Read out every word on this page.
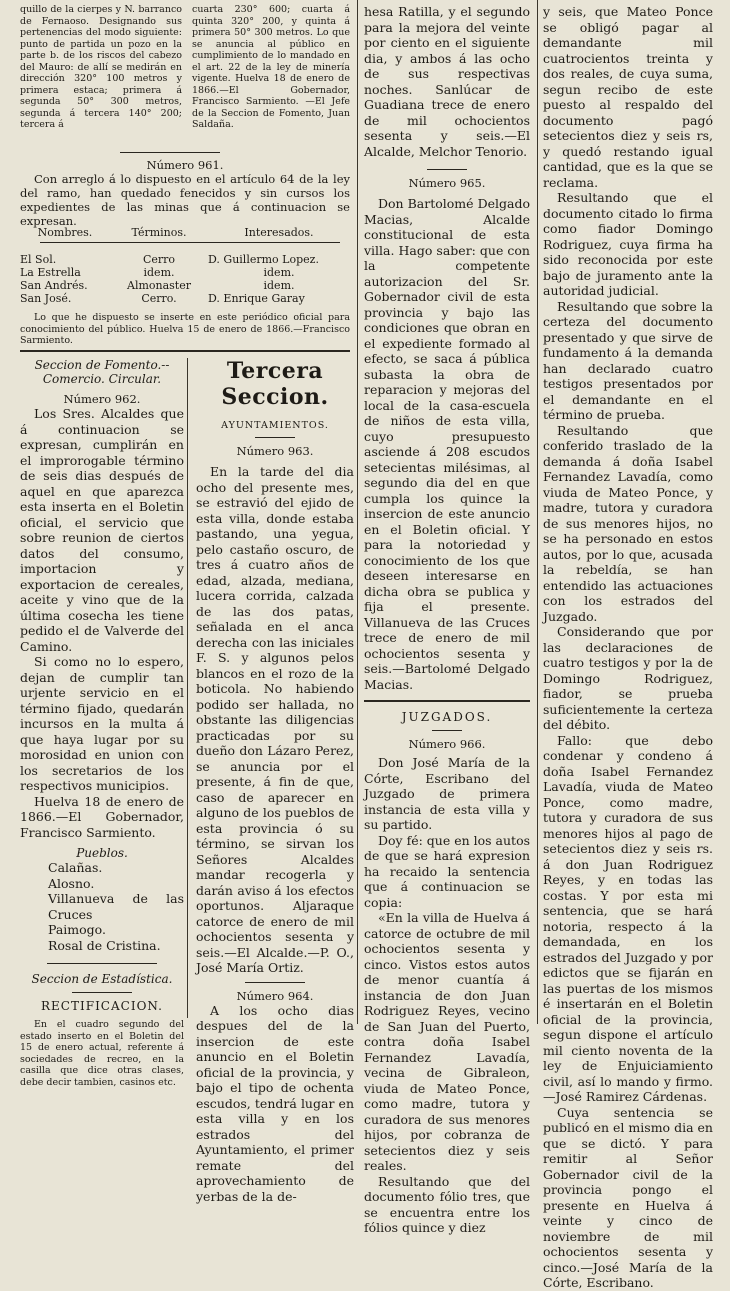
quillo de la cierpes y N. barranco de Fernaoso. Designando sus pertenencias del modo siguiente: punto de partida un pozo en la parte b. de los riscos del cabezo del Mauro: de allí se medirán en dirección 320° 100 metros y primera estaca; primera á segunda 50° 300 metros, segunda á tercera 140° 200; tercera á

cuarta 230° 600; cuarta á quinta 320° 200, y quinta á primera 50° 300 metros. Lo que se anuncia al público en cumplimiento de lo mandado en el art. 22 de la ley de minería vigente. Huelva 18 de enero de 1866.—El Gobernador, Francisco Sarmiento. —El Jefe de la Seccion de Fomento, Juan Saldaña.

Número 961.

Con arreglo á lo dispuesto en el artículo 64 de la ley del ramo, han quedado fenecidos y sin cursos los expedientes de las minas que á continuacion se expresan.

Nombres.	Términos.	Interesados.

El Sol.	Cerro	D. Guillermo Lopez.
La Estrella	idem.	idem.
San Andrés.	Almonaster	idem.
San José.	Cerro.	D. Enrique Garay

Lo que he dispuesto se inserte en este periódico oficial para conocimiento del público. Huelva 15 de enero de 1866.—Francisco Sarmiento.

Seccion de Fomento.--Comercio. Circular.

Número 962.

Los Sres. Alcaldes que á continuacion se expresan, cumplirán en el improrogable término de seis dias después de aquel en que aparezca esta inserta en el Boletin oficial, el servicio que sobre reunion de ciertos datos del consumo, importacion y exportacion de cereales, aceite y vino que de la última cosecha les tiene pedido el de Valverde del Camino.

Si como no lo espero, dejan de cumplir tan urjente servicio en el término fijado, quedarán incursos en la multa á que haya lugar por su morosidad en union con los secretarios de los respectivos municipios.

Huelva 18 de enero de 1866.—El Gobernador, Francisco Sarmiento.

Pueblos.

Calañas.

Alosno.

Villanueva de las Cruces

Paimogo.

Rosal de Cristina.

Seccion de Estadística.

RECTIFICACION.

En el cuadro segundo del estado inserto en el Boletin del 15 de enero actual, referente á sociedades de recreo, en la casilla que dice otras clases, debe decir tambien, casinos etc.

Tercera Seccion.

AYUNTAMIENTOS.

Número 963.

En la tarde del dia ocho del presente mes, se estravió del ejido de esta villa, donde estaba pastando, una yegua, pelo castaño oscuro, de tres á cuatro años de edad, alzada, mediana, lucera corrida, calzada de las dos patas, señalada en el anca derecha con las iniciales F. S. y algunos pelos blancos en el rozo de la boticola. No habiendo podido ser hallada, no obstante las diligencias practicadas por su dueño don Lázaro Perez, se anuncia por el presente, á fin de que, caso de aparecer en alguno de los pueblos de esta provincia ó su término, se sirvan los Señores Alcaldes mandar recogerla y darán aviso á los efectos oportunos. Aljaraque catorce de enero de mil ochocientos sesenta y seis.—El Alcalde.—P. O., José María Ortiz.

Número 964.

A los ocho dias despues del de la insercion de este anuncio en el Boletin oficial de la provincia, y bajo el tipo de ochenta escudos, tendrá lugar en esta villa y en los estrados del Ayuntamiento, el primer remate del aprovechamiento de yerbas de la de-

hesa Ratilla, y el segundo para la mejora del veinte por ciento en el siguiente dia, y ambos á las ocho de sus respectivas noches. Sanlúcar de Guadiana trece de enero de mil ochocientos sesenta y seis.—El Alcalde, Melchor Tenorio.

Número 965.

Don Bartolomé Delgado Macias, Alcalde constitucional de esta villa. Hago saber: que con la competente autorizacion del Sr. Gobernador civil de esta provincia y bajo las condiciones que obran en el expediente formado al efecto, se saca á pública subasta la obra de reparacion y mejoras del local de la casa-escuela de niños de esta villa, cuyo presupuesto asciende á 208 escudos setecientas milésimas, al segundo dia del en que cumpla los quince la insercion de este anuncio en el Boletin oficial. Y para la notoriedad y conocimiento de los que deseen interesarse en dicha obra se publica y fija el presente. Villanueva de las Cruces trece de enero de mil ochocientos sesenta y seis.—Bartolomé Delgado Macias.

JUZGADOS.

Número 966.

Don José María de la Córte, Escribano del Juzgado de primera instancia de esta villa y su partido.

Doy fé: que en los autos de que se hará expresion ha recaido la sentencia que á continuacion se copia:

«En la villa de Huelva á catorce de octubre de mil ochocientos sesenta y cinco. Vistos estos autos de menor cuantía á instancia de don Juan Rodriguez Reyes, vecino de San Juan del Puerto, contra doña Isabel Fernandez Lavadía, vecina de Gibraleon, viuda de Mateo Ponce, como madre, tutora y curadora de sus menores hijos, por cobranza de setecientos diez y seis reales.

Resultando que del documento fólio tres, que se encuentra entre los fólios quince y diez

y seis, que Mateo Ponce se obligó pagar al demandante mil cuatrocientos treinta y dos reales, de cuya suma, segun recibo de este puesto al respaldo del documento pagó setecientos diez y seis rs, y quedó restando igual cantidad, que es la que se reclama.

Resultando que el documento citado lo firma como fiador Domingo Rodriguez, cuya firma ha sido reconocida por este bajo de juramento ante la autoridad judicial.

Resultando que sobre la certeza del documento presentado y que sirve de fundamento á la demanda han declarado cuatro testigos presentados por el demandante en el término de prueba.

Resultando que conferido traslado de la demanda á doña Isabel Fernandez Lavadía, como viuda de Mateo Ponce, y madre, tutora y curadora de sus menores hijos, no se ha personado en estos autos, por lo que, acusada la rebeldía, se han entendido las actuaciones con los estrados del Juzgado.

Considerando que por las declaraciones de cuatro testigos y por la de Domingo Rodriguez, fiador, se prueba suficientemente la certeza del débito.

Fallo: que debo condenar y condeno á doña Isabel Fernandez Lavadía, viuda de Mateo Ponce, como madre, tutora y curadora de sus menores hijos al pago de setecientos diez y seis rs. á don Juan Rodriguez Reyes, y en todas las costas. Y por esta mi sentencia, que se hará notoria, respecto á la demandada, en los estrados del Juzgado y por edictos que se fijarán en las puertas de los mismos é insertarán en el Boletin oficial de la provincia, segun dispone el artículo mil ciento noventa de la ley de Enjuiciamiento civil, así lo mando y firmo.—José Ramirez Cárdenas.

Cuya sentencia se publicó en el mismo dia en que se dictó. Y para remitir al Señor Gobernador civil de la provincia pongo el presente en Huelva á veinte y cinco de noviembre de mil ochocientos sesenta y cinco.—José María de la Córte, Escribano.
